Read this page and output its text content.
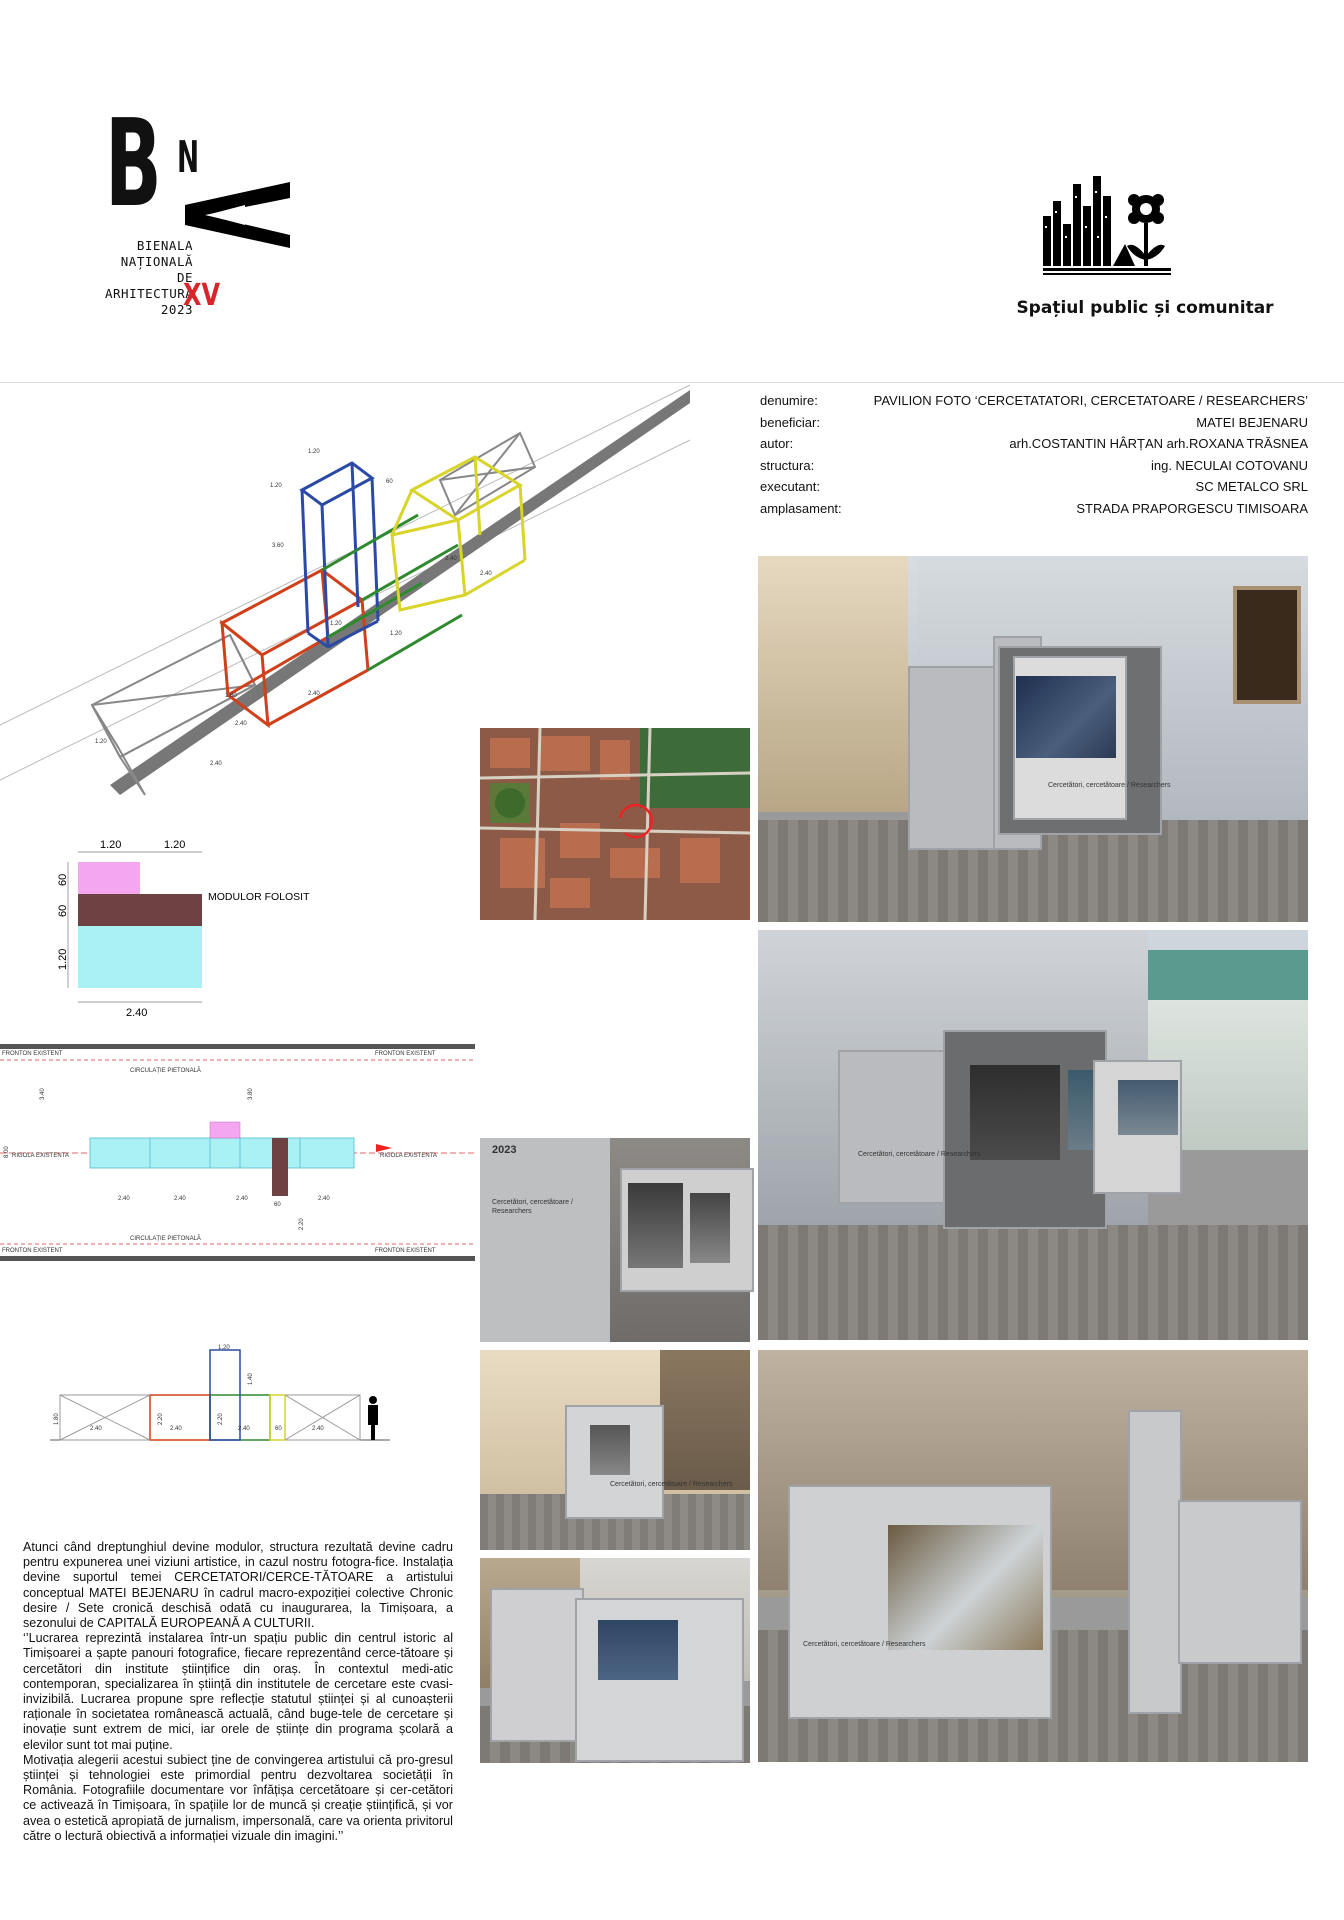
B N
BIENALA
NAȚIONALĂ
DE
ARHITECTURĂ
2023
XV	Spațiul public și comunitar
denumire:	PAVILION FOTO ‘CERCETATATORI, CERCETATOARE / RESEARCHERS’
beneficiar:	MATEI BEJENARU
autor:	arh.COSTANTIN HÂRȚAN arh.ROXANA TRĂSNEA
structura:	ing. NECULAI COTOVANU
executant:	SC METALCO SRL
amplasament:	STRADA PRAPORGESCU TIMISOARA
1.20
1.20
60
3.60
2.40
1.20
1.20
2.40
2.40
2.40
1.80
2.40
1.20
1.20	1.20
60
60
1.20
2.40
MODULOR FOLOSIT
FRONTON EXISTENT
FRONTON EXISTENT
FRONTON EXISTENT
FRONTON EXISTENT
CIRCULAȚIE PIETONALĂ
CIRCULAȚIE PIETONALĂ
RIGOLA EXISTENTA	RIGOLA EXISTENTA
2.40	2.40	2.40
60
2.40
3.40	3.80
8.00
2.20
1.20
1.40
1.80
2.40
2.20
2.40
2.20
2.40	60	2.40
Cercetători, cercetătoare / Researchers
Cercetători, cercetătoare / Researchers
2023
Cercetători, cercetătoare / Researchers
Cercetători, cercetătoare / Researchers
Cercetători, cercetătoare / Researchers

Atunci când dreptunghiul devine modulor, structura rezultată devine cadru pentru expunerea unei viziuni artistice, in cazul nostru fotogra-fice. Instalația devine suportul temei CERCETATORI/CERCE-TĂTOARE a artistului conceptual MATEI BEJENARU în cadrul macro-expoziției colective Chronic desire / Sete cronică deschisă odată cu inaugurarea, la Timișoara, a sezonului de CAPITALĂ EUROPEANĂ A CULTURII.

‘’Lucrarea reprezintă instalarea într-un spațiu public din centrul istoric al Timișoarei a șapte panouri fotografice, fiecare reprezentând cerce-tătoare și cercetători din institute științifice din oraș. În contextul medi-atic contemporan, specializarea în știință din institutele de cercetare este cvasi-invizibilă. Lucrarea propune spre reflecție statutul științei și al cunoașterii raționale în societatea românească actuală, când buge-tele de cercetare și inovație sunt extrem de mici, iar orele de științe din programa școlară a elevilor sunt tot mai puține.

Motivația alegerii acestui subiect ține de convingerea artistului că pro-gresul științei și tehnologiei este primordial pentru dezvoltarea societății în România. Fotografiile documentare vor înfățișa cercetătoare și cer-cetători ce activează în Timișoara, în spațiile lor de muncă și creație științifică, și vor avea o estetică apropiată de jurnalism, impersonală, care va orienta privitorul către o lectură obiectivă a informației vizuale din imagini.’’
